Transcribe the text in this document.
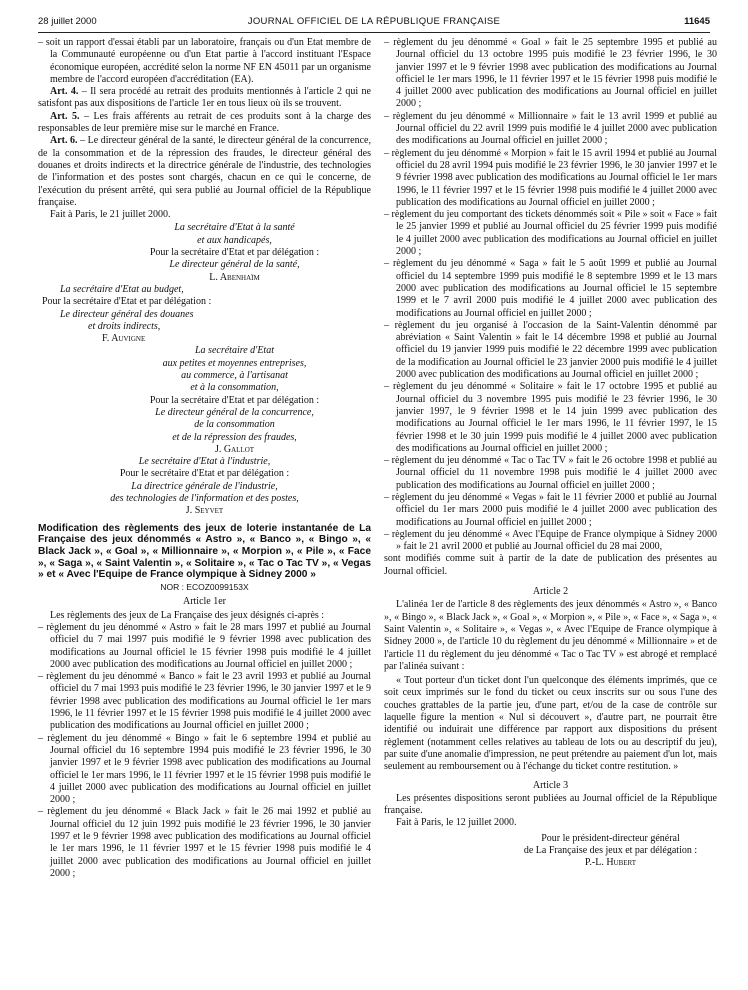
28 juillet 2000	JOURNAL OFFICIEL DE LA RÉPUBLIQUE FRANÇAISE	11645

– soit un rapport d'essai établi par un laboratoire, français ou d'un Etat membre de la Communauté européenne ou d'un Etat partie à l'accord instituant l'Espace économique européen, accrédité selon la norme NF EN 45011 par un organisme membre de l'accord européen d'accréditation (EA).

Art. 4. – Il sera procédé au retrait des produits mentionnés à l'article 2 qui ne satisfont pas aux dispositions de l'article 1er en tous lieux où ils se trouvent.

Art. 5. – Les frais afférents au retrait de ces produits sont à la charge des responsables de leur première mise sur le marché en France.

Art. 6. – Le directeur général de la santé, le directeur général de la concurrence, de la consommation et de la répression des fraudes, le directeur général des douanes et droits indirects et la directrice générale de l'industrie, des technologies de l'information et des postes sont chargés, chacun en ce qui le concerne, de l'exécution du présent arrêté, qui sera publié au Journal officiel de la République française.

Fait à Paris, le 21 juillet 2000.

La secrétaire d'Etat à la santé

et aux handicapés,

Pour la secrétaire d'Etat et par délégation :

Le directeur général de la santé,

L. Abenhaïm

La secrétaire d'Etat au budget,

Pour la secrétaire d'Etat et par délégation :

Le directeur général des douanes

et droits indirects,

F. Auvigne

La secrétaire d'Etat

aux petites et moyennes entreprises,

au commerce, à l'artisanat

et à la consommation,

Pour la secrétaire d'Etat et par délégation :

Le directeur général de la concurrence,

de la consommation

et de la répression des fraudes,

J. Gallot

Le secrétaire d'Etat à l'industrie,

Pour le secrétaire d'Etat et par délégation :

La directrice générale de l'industrie,

des technologies de l'information et des postes,

J. Seyvet

Modification des règlements des jeux de loterie instantanée de La Française des jeux dénommés « Astro », « Banco », « Bingo », « Black Jack », « Goal », « Millionnaire », « Morpion », « Pile », « Face », « Saga », « Saint Valentin », « Solitaire », « Tac o Tac TV », « Vegas » et « Avec l'Equipe de France olympique à Sidney 2000 »

NOR : ECOZ0099153X

Article 1er

Les règlements des jeux de La Française des jeux désignés ci-après :

– règlement du jeu dénommé « Astro » fait le 28 mars 1997 et publié au Journal officiel du 7 mai 1997 puis modifié le 9 février 1998 avec publication des modifications au Journal officiel le 15 février 1998 puis modifié le 4 juillet 2000 avec publication des modifications au Journal officiel en juillet 2000 ;

– règlement du jeu dénommé « Banco » fait le 23 avril 1993 et publié au Journal officiel du 7 mai 1993 puis modifié le 23 février 1996, le 30 janvier 1997 et le 9 février 1998 avec publication des modifications au Journal officiel le 1er mars 1996, le 11 février 1997 et le 15 février 1998 puis modifié le 4 juillet 2000 avec publication des modifications au Journal officiel en juillet 2000 ;

– règlement du jeu dénommé « Bingo » fait le 6 septembre 1994 et publié au Journal officiel du 16 septembre 1994 puis modifié le 23 février 1996, le 30 janvier 1997 et le 9 février 1998 avec publication des modifications au Journal officiel le 1er mars 1996, le 11 février 1997 et le 15 février 1998 puis modifié le 4 juillet 2000 avec publication des modifications au Journal officiel en juillet 2000 ;

– règlement du jeu dénommé « Black Jack » fait le 26 mai 1992 et publié au Journal officiel du 12 juin 1992 puis modifié le 23 février 1996, le 30 janvier 1997 et le 9 février 1998 avec publication des modifications au Journal officiel le 1er mars 1996, le 11 février 1997 et le 15 février 1998 puis modifié le 4 juillet 2000 avec publication des modifications au Journal officiel en juillet 2000 ;

– règlement du jeu dénommé « Goal » fait le 25 septembre 1995 et publié au Journal officiel du 13 octobre 1995 puis modifié le 23 février 1996, le 30 janvier 1997 et le 9 février 1998 avec publication des modifications au Journal officiel le 1er mars 1996, le 11 février 1997 et le 15 février 1998 puis modifié le 4 juillet 2000 avec publication des modifications au Journal officiel en juillet 2000 ;

– règlement du jeu dénommé « Millionnaire » fait le 13 avril 1999 et publié au Journal officiel du 22 avril 1999 puis modifié le 4 juillet 2000 avec publication des modifications au Journal officiel en juillet 2000 ;

– règlement du jeu dénommé « Morpion » fait le 15 avril 1994 et publié au Journal officiel du 28 avril 1994 puis modifié le 23 février 1996, le 30 janvier 1997 et le 9 février 1998 avec publication des modifications au Journal officiel le 1er mars 1996, le 11 février 1997 et le 15 février 1998 puis modifié le 4 juillet 2000 avec publication des modifications au Journal officiel en juillet 2000 ;

– règlement du jeu comportant des tickets dénommés soit « Pile » soit « Face » fait le 25 janvier 1999 et publié au Journal officiel du 25 février 1999 puis modifié le 4 juillet 2000 avec publication des modifications au Journal officiel en juillet 2000 ;

– règlement du jeu dénommé « Saga » fait le 5 août 1999 et publié au Journal officiel du 14 septembre 1999 puis modifié le 8 septembre 1999 et le 13 mars 2000 avec publication des modifications au Journal officiel le 15 septembre 1999 et le 7 avril 2000 puis modifié le 4 juillet 2000 avec publication des modifications au Journal officiel en juillet 2000 ;

– règlement du jeu organisé à l'occasion de la Saint-Valentin dénommé par abréviation « Saint Valentin » fait le 14 décembre 1998 et publié au Journal officiel du 19 janvier 1999 puis modifié le 22 décembre 1999 avec publication de la modification au Journal officiel le 23 janvier 2000 puis modifié le 4 juillet 2000 avec publication des modifications au Journal officiel en juillet 2000 ;

– règlement du jeu dénommé « Solitaire » fait le 17 octobre 1995 et publié au Journal officiel du 3 novembre 1995 puis modifié le 23 février 1996, le 30 janvier 1997, le 9 février 1998 et le 14 juin 1999 avec publication des modifications au Journal officiel le 1er mars 1996, le 11 février 1997, le 15 février 1998 et le 30 juin 1999 puis modifié le 4 juillet 2000 avec publication des modifications au Journal officiel en juillet 2000 ;

– règlement du jeu dénommé « Tac o Tac TV » fait le 26 octobre 1998 et publié au Journal officiel du 11 novembre 1998 puis modifié le 4 juillet 2000 avec publication des modifications au Journal officiel en juillet 2000 ;

– règlement du jeu dénommé « Vegas » fait le 11 février 2000 et publié au Journal officiel du 1er mars 2000 puis modifié le 4 juillet 2000 avec publication des modifications au Journal officiel en juillet 2000 ;

– règlement du jeu dénommé « Avec l'Equipe de France olympique à Sidney 2000 » fait le 21 avril 2000 et publié au Journal officiel du 28 mai 2000,

sont modifiés comme suit à partir de la date de publication des présentes au Journal officiel.

Article 2

L'alinéa 1er de l'article 8 des règlements des jeux dénommés « Astro », « Banco », « Bingo », « Black Jack », « Goal », « Morpion », « Pile », « Face », « Saga », « Saint Valentin », « Solitaire », « Vegas », « Avec l'Equipe de France olympique à Sidney 2000 », de l'article 10 du règlement du jeu dénommé « Millionnaire » et de l'article 11 du règlement du jeu dénommé « Tac o Tac TV » est abrogé et remplacé par l'alinéa suivant :

« Tout porteur d'un ticket dont l'un quelconque des éléments imprimés, que ce soit ceux imprimés sur le fond du ticket ou ceux inscrits sur ou sous l'une des couches grattables de la partie jeu, d'une part, et/ou de la case de contrôle sur laquelle figure la mention « Nul si découvert », d'autre part, ne pourrait être identifié ou induirait une différence par rapport aux dispositions du présent règlement (notamment celles relatives au tableau de lots ou au descriptif du jeu), par suite d'une anomalie d'impression, ne peut prétendre au paiement d'un lot, mais seulement au remboursement ou à l'échange du ticket contre restitution. »

Article 3

Les présentes dispositions seront publiées au Journal officiel de la République française.

Fait à Paris, le 12 juillet 2000.

Pour le président-directeur général

de La Française des jeux et par délégation :

P.-L. Hubert
